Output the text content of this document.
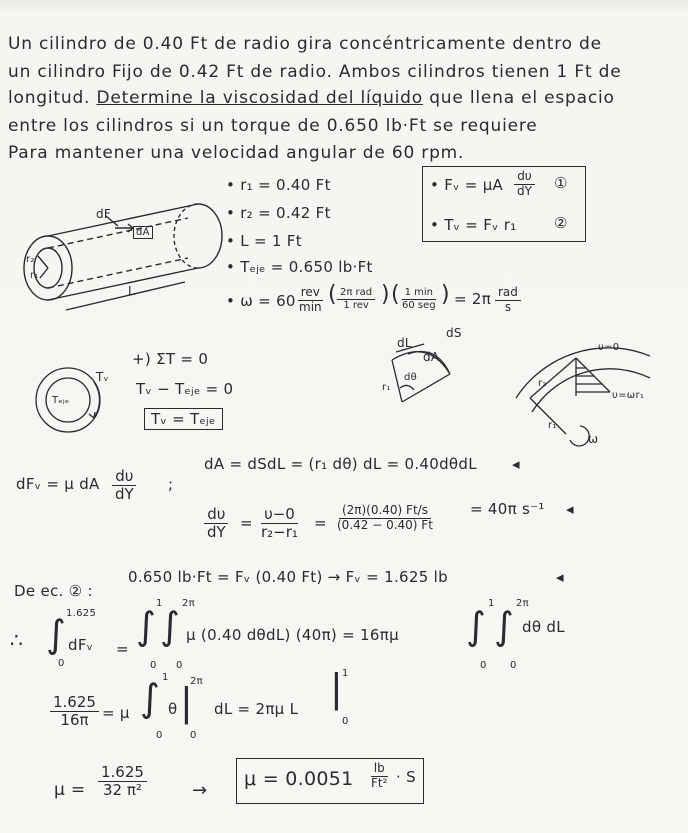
Un cilindro de 0.40 Ft de radio gira concéntricamente dentro de
un cilindro Fijo de 0.42 Ft de radio. Ambos cilindros tienen 1 Ft de
longitud. Determine la viscosidad del líquido que llena el espacio
entre los cilindros si un torque de 0.650 lb·Ft se requiere
Para mantener una velocidad angular de 60 rpm.
dF
dA
r₂
r₁
L
• r₁ = 0.40 Ft
• r₂ = 0.42 Ft
• L = 1 Ft
• Tₑⱼₑ = 0.650 lb·Ft
• ω = 60 rev
min ( 2π rad
1 rev ) ( 1 min
60 seg ) = 2π rad
s
• Fᵥ = μA $\frac{d\upsilon}{dY}$ ①
• Tᵥ = Fᵥ r₁ ②
Tₑⱼₑ
Tᵥ
+) ΣT = 0
Tᵥ − Tₑⱼₑ = 0
Tᵥ = Tₑⱼₑ
dL
dS
dA
dθ
r₁
υ=0
υ=ωr₁
r₂
r₁
ω
dFᵥ = μ dA $\frac{d\upsilon}{dY}$ ;
dA = dSdL = (r₁ dθ) dL = 0.40dθdL ◂
$\frac{d\upsilon}{dY} = \frac{\upsilon-0}{\text{r₂−r₁}} = \frac{(2\pi)(0.40) Ft/s}{(0.42 - 0.40) Ft} = 40\pi$ s⁻¹ ◂
De ec. ② :
0.650 lb·Ft = Fᵥ (0.40 Ft) → Fᵥ = 1.625 lb	◂
∴ ∫ 1.625
0
dFᵥ =
∫
1
0
∫
2π
0
μ (0.40 dθdL) (40π) = 16πμ ∫
1
0
∫
2π
0
dθ dL
$\frac{1.625}{16\pi} = \mu$ ∫ 1
0
θ |
2π
0
dL = 2πμ L |
1
0
$\mu = \frac{1.625}{\text{32 π²}}$	→
$\mu = 0.0051 \frac{lb}{\text{Ft²}} \cdot S$
